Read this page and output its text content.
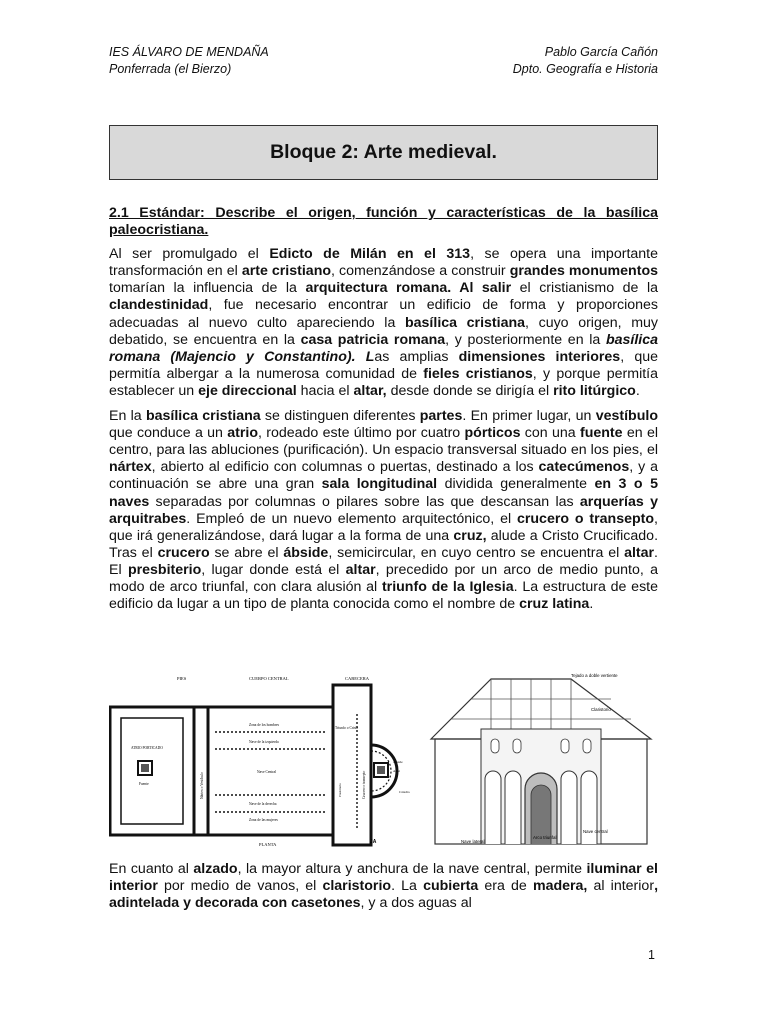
IES ÁLVARO DE MENDAÑA
Ponferrada (el Bierzo)
Pablo García Cañón
Dpto. Geografía e Historia
Bloque 2: Arte medieval.
2.1 Estándar: Describe el origen, función y características de la basílica paleocristiana.

Al ser promulgado el Edicto de Milán en el 313, se opera una importante transformación en el arte cristiano, comenzándose a construir grandes monumentos tomarían la influencia de la arquitectura romana. Al salir el cristianismo de la clandestinidad, fue necesario encontrar un edificio de forma y proporciones adecuadas al nuevo culto apareciendo la basílica cristiana, cuyo origen, muy debatido, se encuentra en la casa patricia romana, y posteriormente en la basílica romana (Majencio y Constantino). Las amplias dimensiones interiores, que permitía albergar a la numerosa comunidad de fieles cristianos, y porque permitía establecer un eje direccional hacia el altar, desde donde se dirigía el rito litúrgico.

En la basílica cristiana se distinguen diferentes partes. En primer lugar, un vestíbulo que conduce a un atrio, rodeado este último por cuatro pórticos con una fuente en el centro, para las abluciones (purificación). Un espacio transversal situado en los pies, el nártex, abierto al edificio con columnas o puertas, destinado a los catecúmenos, y a continuación se abre una gran sala longitudinal dividida generalmente en 3 o 5 naves separadas por columnas o pilares sobre las que descansan las arquerías y arquitrabes. Empleó de un nuevo elemento arquitectónico, el crucero o transepto, que irá generalizándose, dará lugar a la forma de una cruz, alude a Cristo Crucificado. Tras el crucero se abre el ábside, semicircular, en cuyo centro se encuentra el altar. El presbiterio, lugar donde está el altar, precedido por un arco de medio punto, a modo de arco triunfal, con clara alusión al triunfo de la Iglesia. La estructura de este edificio da lugar a un tipo de planta conocida como el nombre de cruz latina.

PIES	CUERPO CENTRAL	CABECERA
ATRIO PORTICADO
Fuente	Nártex o Vestíbulo
Zona de los hombres
Nave de la izquierda
Nave Central
Nave de la derecha
Zona de las mujeres
PLANTA
Triunfo o Cristo
Crucero o transepto
Presbiterio
Ábside
Altar
Cátedra
JA
Tejado a doble vertiente
Claristorio
Nave central
Arco triunfal
Nave lateral
En cuanto al alzado, la mayor altura y anchura de la nave central, permite iluminar el interior por medio de vanos, el claristorio. La cubierta era de madera, al interior, adintelada y decorada con casetones, y a dos aguas al
1
